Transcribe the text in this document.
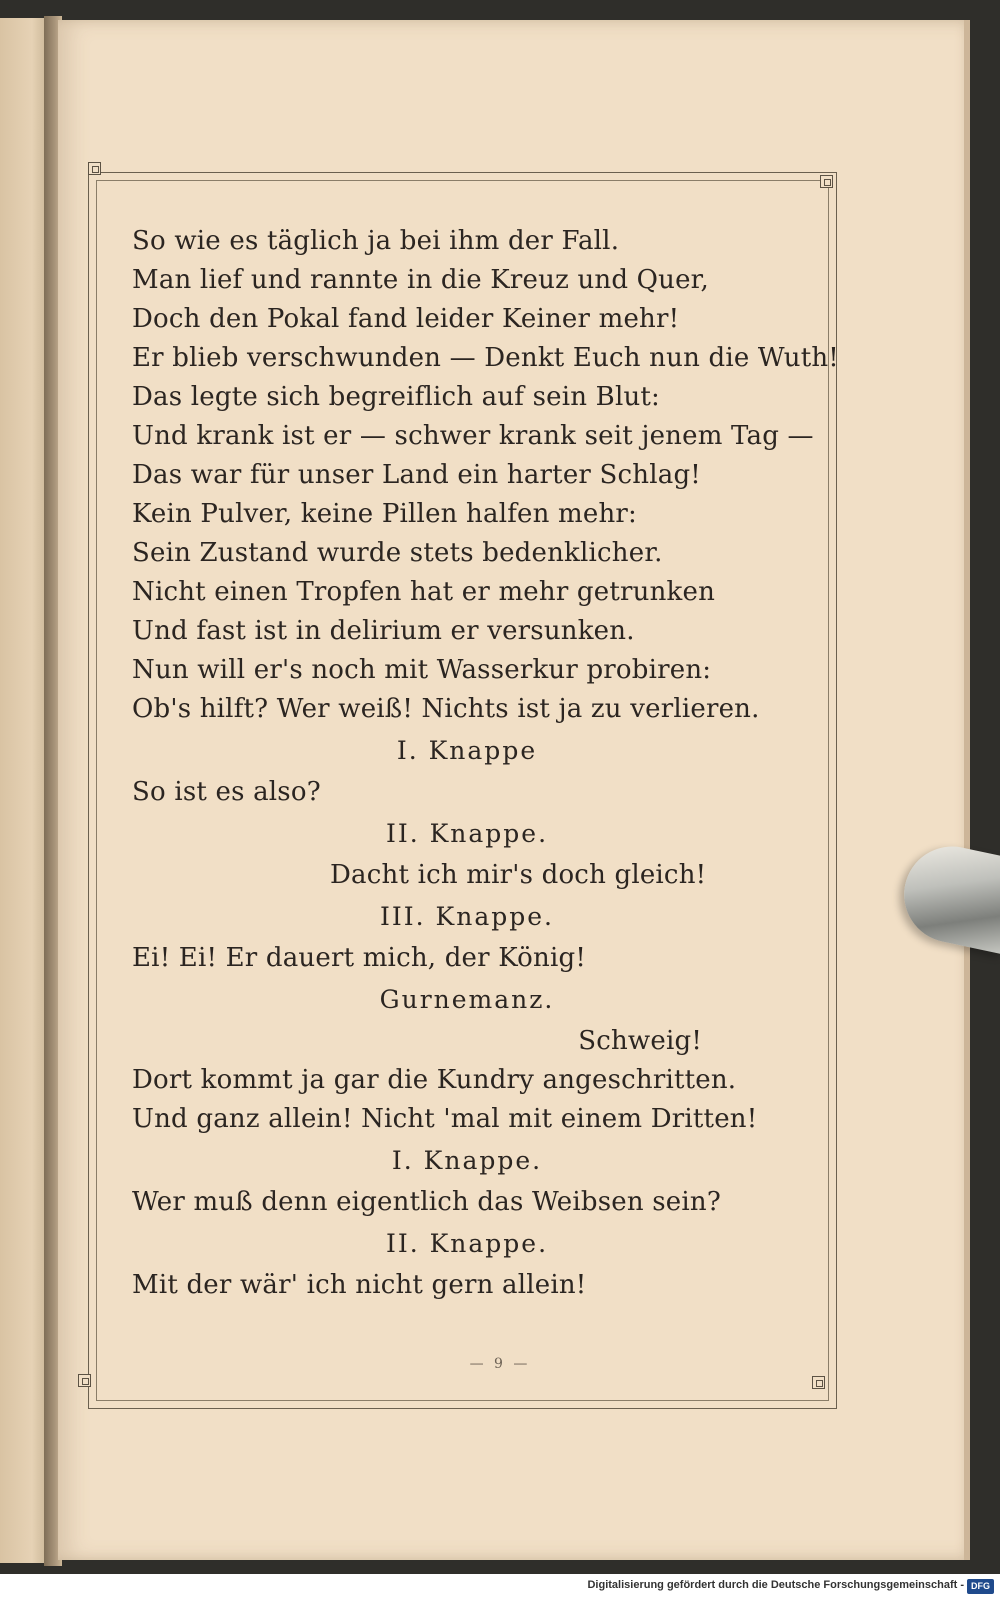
So wie es täglich ja bei ihm der Fall.
Man lief und rannte in die Kreuz und Quer,
Doch den Pokal fand leider Keiner mehr!
Er blieb verschwunden — Denkt Euch nun die Wuth!
Das legte sich begreiflich auf sein Blut:
Und krank ist er — schwer krank seit jenem Tag —
Das war für unser Land ein harter Schlag!
Kein Pulver, keine Pillen halfen mehr:
Sein Zustand wurde stets bedenklicher.
Nicht einen Tropfen hat er mehr getrunken
Und fast ist in delirium er versunken.
Nun will er's noch mit Wasserkur probiren:
Ob's hilft? Wer weiß! Nichts ist ja zu verlieren.
I. Knappe
So ist es also?
II. Knappe.
Dacht ich mir's doch gleich!
III. Knappe.
Ei! Ei! Er dauert mich, der König!
Gurnemanz.
Schweig!
Dort kommt ja gar die Kundry angeschritten.
Und ganz allein! Nicht 'mal mit einem Dritten!
I. Knappe.
Wer muß denn eigentlich das Weibsen sein?
II. Knappe.
Mit der wär' ich nicht gern allein!
— 9 —
Digitalisierung gefördert durch die Deutsche Forschungsgemeinschaft - DFG
